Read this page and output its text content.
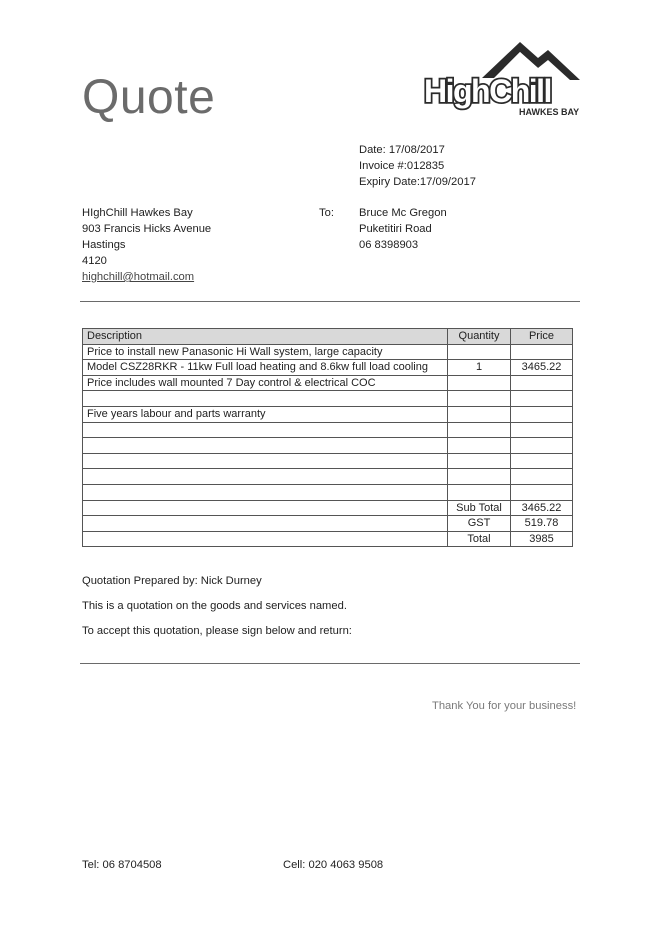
Quote	HighChill
HAWKES BAY
Date: 17/08/2017
Invoice #:012835
Expiry Date:17/09/2017
HIghChill Hawkes Bay
903 Francis Hicks Avenue
Hastings
4120
highchill@hotmail.com
To: Bruce Mc Gregon
Puketitiri Road
06 8398903
Description	Quantity	Price
Price to install new Panasonic Hi Wall system, large capacity		
Model CSZ28RKR - 11kw Full load heating and 8.6kw full load cooling	1	3465.22
Price includes wall mounted 7 Day control & electrical COC		

Five years labour and parts warranty		

	Sub Total	3465.22
	GST	519.78
	Total	3985
Quotation Prepared by: Nick Durney
This is a quotation on the goods and services named.
To accept this quotation, please sign below and return:
Thank You for your business!
Tel: 06 8704508	Cell: 020 4063 9508
